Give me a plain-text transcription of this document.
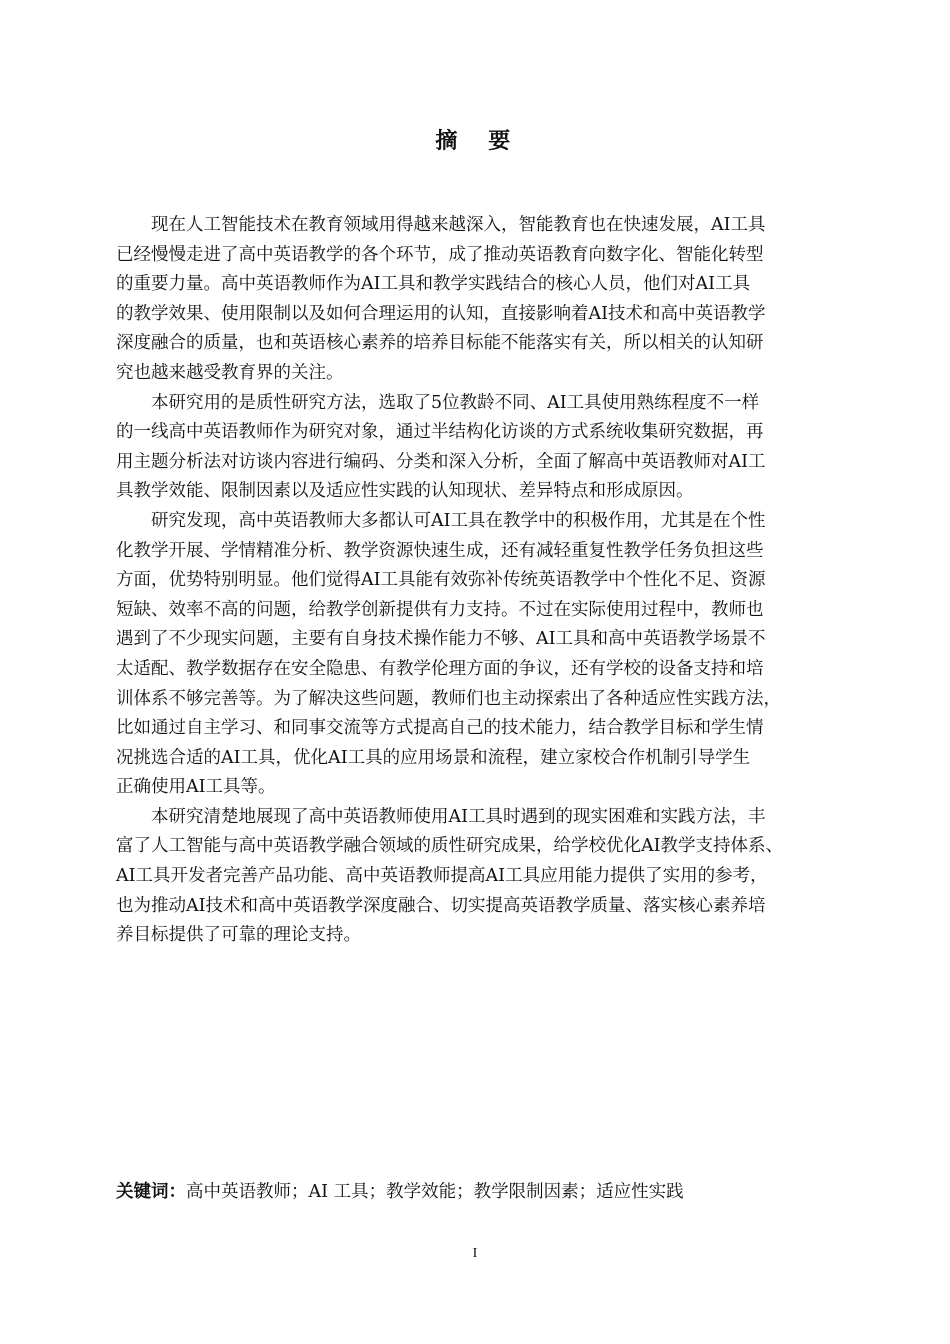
摘　要

现在人工智能技术在教育领域用得越来越深入，智能教育也在快速发展，AI工具
已经慢慢走进了高中英语教学的各个环节，成了推动英语教育向数字化、智能化转型
的重要力量。高中英语教师作为AI工具和教学实践结合的核心人员，他们对AI工具
的教学效果、使用限制以及如何合理运用的认知，直接影响着AI技术和高中英语教学
深度融合的质量，也和英语核心素养的培养目标能不能落实有关，所以相关的认知研
究也越来越受教育界的关注。

本研究用的是质性研究方法，选取了5位教龄不同、AI工具使用熟练程度不一样
的一线高中英语教师作为研究对象，通过半结构化访谈的方式系统收集研究数据，再
用主题分析法对访谈内容进行编码、分类和深入分析，全面了解高中英语教师对AI工
具教学效能、限制因素以及适应性实践的认知现状、差异特点和形成原因。

研究发现，高中英语教师大多都认可AI工具在教学中的积极作用，尤其是在个性
化教学开展、学情精准分析、教学资源快速生成，还有减轻重复性教学任务负担这些
方面，优势特别明显。他们觉得AI工具能有效弥补传统英语教学中个性化不足、资源
短缺、效率不高的问题，给教学创新提供有力支持。不过在实际使用过程中，教师也
遇到了不少现实问题，主要有自身技术操作能力不够、AI工具和高中英语教学场景不
太适配、教学数据存在安全隐患、有教学伦理方面的争议，还有学校的设备支持和培
训体系不够完善等。为了解决这些问题，教师们也主动探索出了各种适应性实践方法，
比如通过自主学习、和同事交流等方式提高自己的技术能力，结合教学目标和学生情
况挑选合适的AI工具，优化AI工具的应用场景和流程，建立家校合作机制引导学生
正确使用AI工具等。

本研究清楚地展现了高中英语教师使用AI工具时遇到的现实困难和实践方法，丰
富了人工智能与高中英语教学融合领域的质性研究成果，给学校优化AI教学支持体系、
AI工具开发者完善产品功能、高中英语教师提高AI工具应用能力提供了实用的参考，
也为推动AI技术和高中英语教学深度融合、切实提高英语教学质量、落实核心素养培
养目标提供了可靠的理论支持。

关键词：高中英语教师；AI 工具；教学效能；教学限制因素；适应性实践
I
